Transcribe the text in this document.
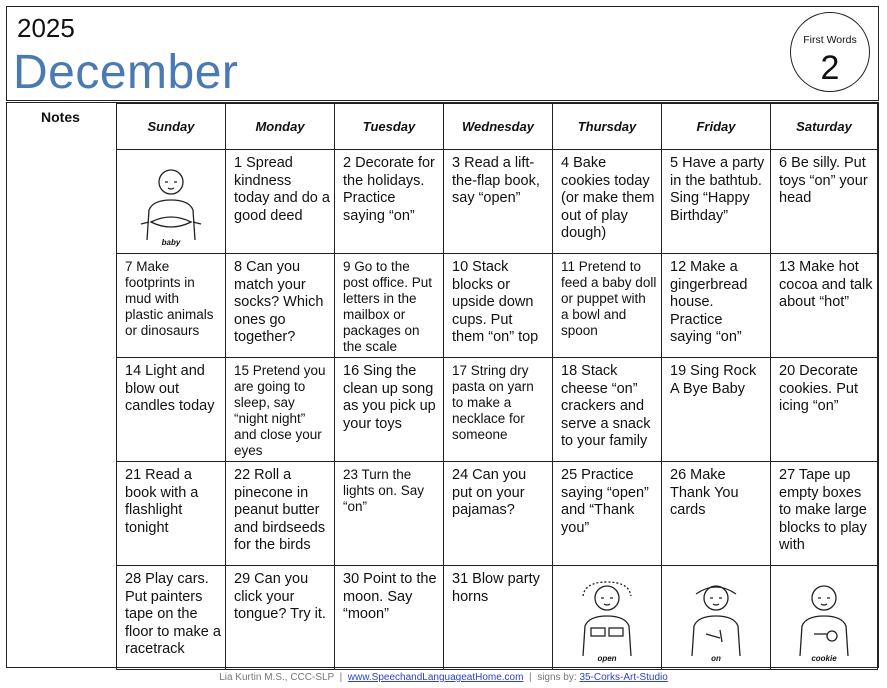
2025
December
First Words
2
Notes
Sunday	Monday	Tuesday	Wednesday	Thursday	Friday	Saturday

baby	1 Spread kindness today and do a good deed	2 Decorate for the holidays. Practice saying “on”	3 Read a lift-the-flap book, say “open”	4 Bake cookies today (or make them out of play dough)	5 Have a party in the bathtub. Sing “Happy Birthday”	6 Be silly. Put toys “on” your head

7 Make footprints in mud with plastic animals or dinosaurs	8 Can you match your socks? Which ones go together?	9 Go to the post office. Put letters in the mailbox or packages on the scale	10 Stack blocks or upside down cups. Put them “on” top	11 Pretend to feed a baby doll or puppet with a bowl and spoon	12 Make a gingerbread house. Practice saying “on”	13 Make hot cocoa and talk about “hot”

14 Light and blow out candles today	15 Pretend you are going to sleep, say “night night” and close your eyes	16 Sing the clean up song as you pick up your toys	17 String dry pasta on yarn to make a necklace for someone	18 Stack cheese “on” crackers and serve a snack to your family	19 Sing Rock A Bye Baby	20 Decorate cookies. Put icing “on”

21 Read a book with a flashlight tonight	22 Roll a pinecone in peanut butter and birdseeds for the birds	23 Turn the lights on. Say “on”	24 Can you put on your pajamas?	25 Practice saying “open” and “Thank you”	26 Make Thank You cards	27 Tape up empty boxes to make large blocks to play with

28 Play cars. Put painters tape on the floor to make a racetrack	29 Can you click your tongue? Try it.	30 Point to the moon. Say “moon”	31 Blow party horns	open	on	cookie
Lia Kurtin M.S., CCC-SLP | www.SpeechandLanguageatHome.com | signs by: 35-Corks-Art-Studio
